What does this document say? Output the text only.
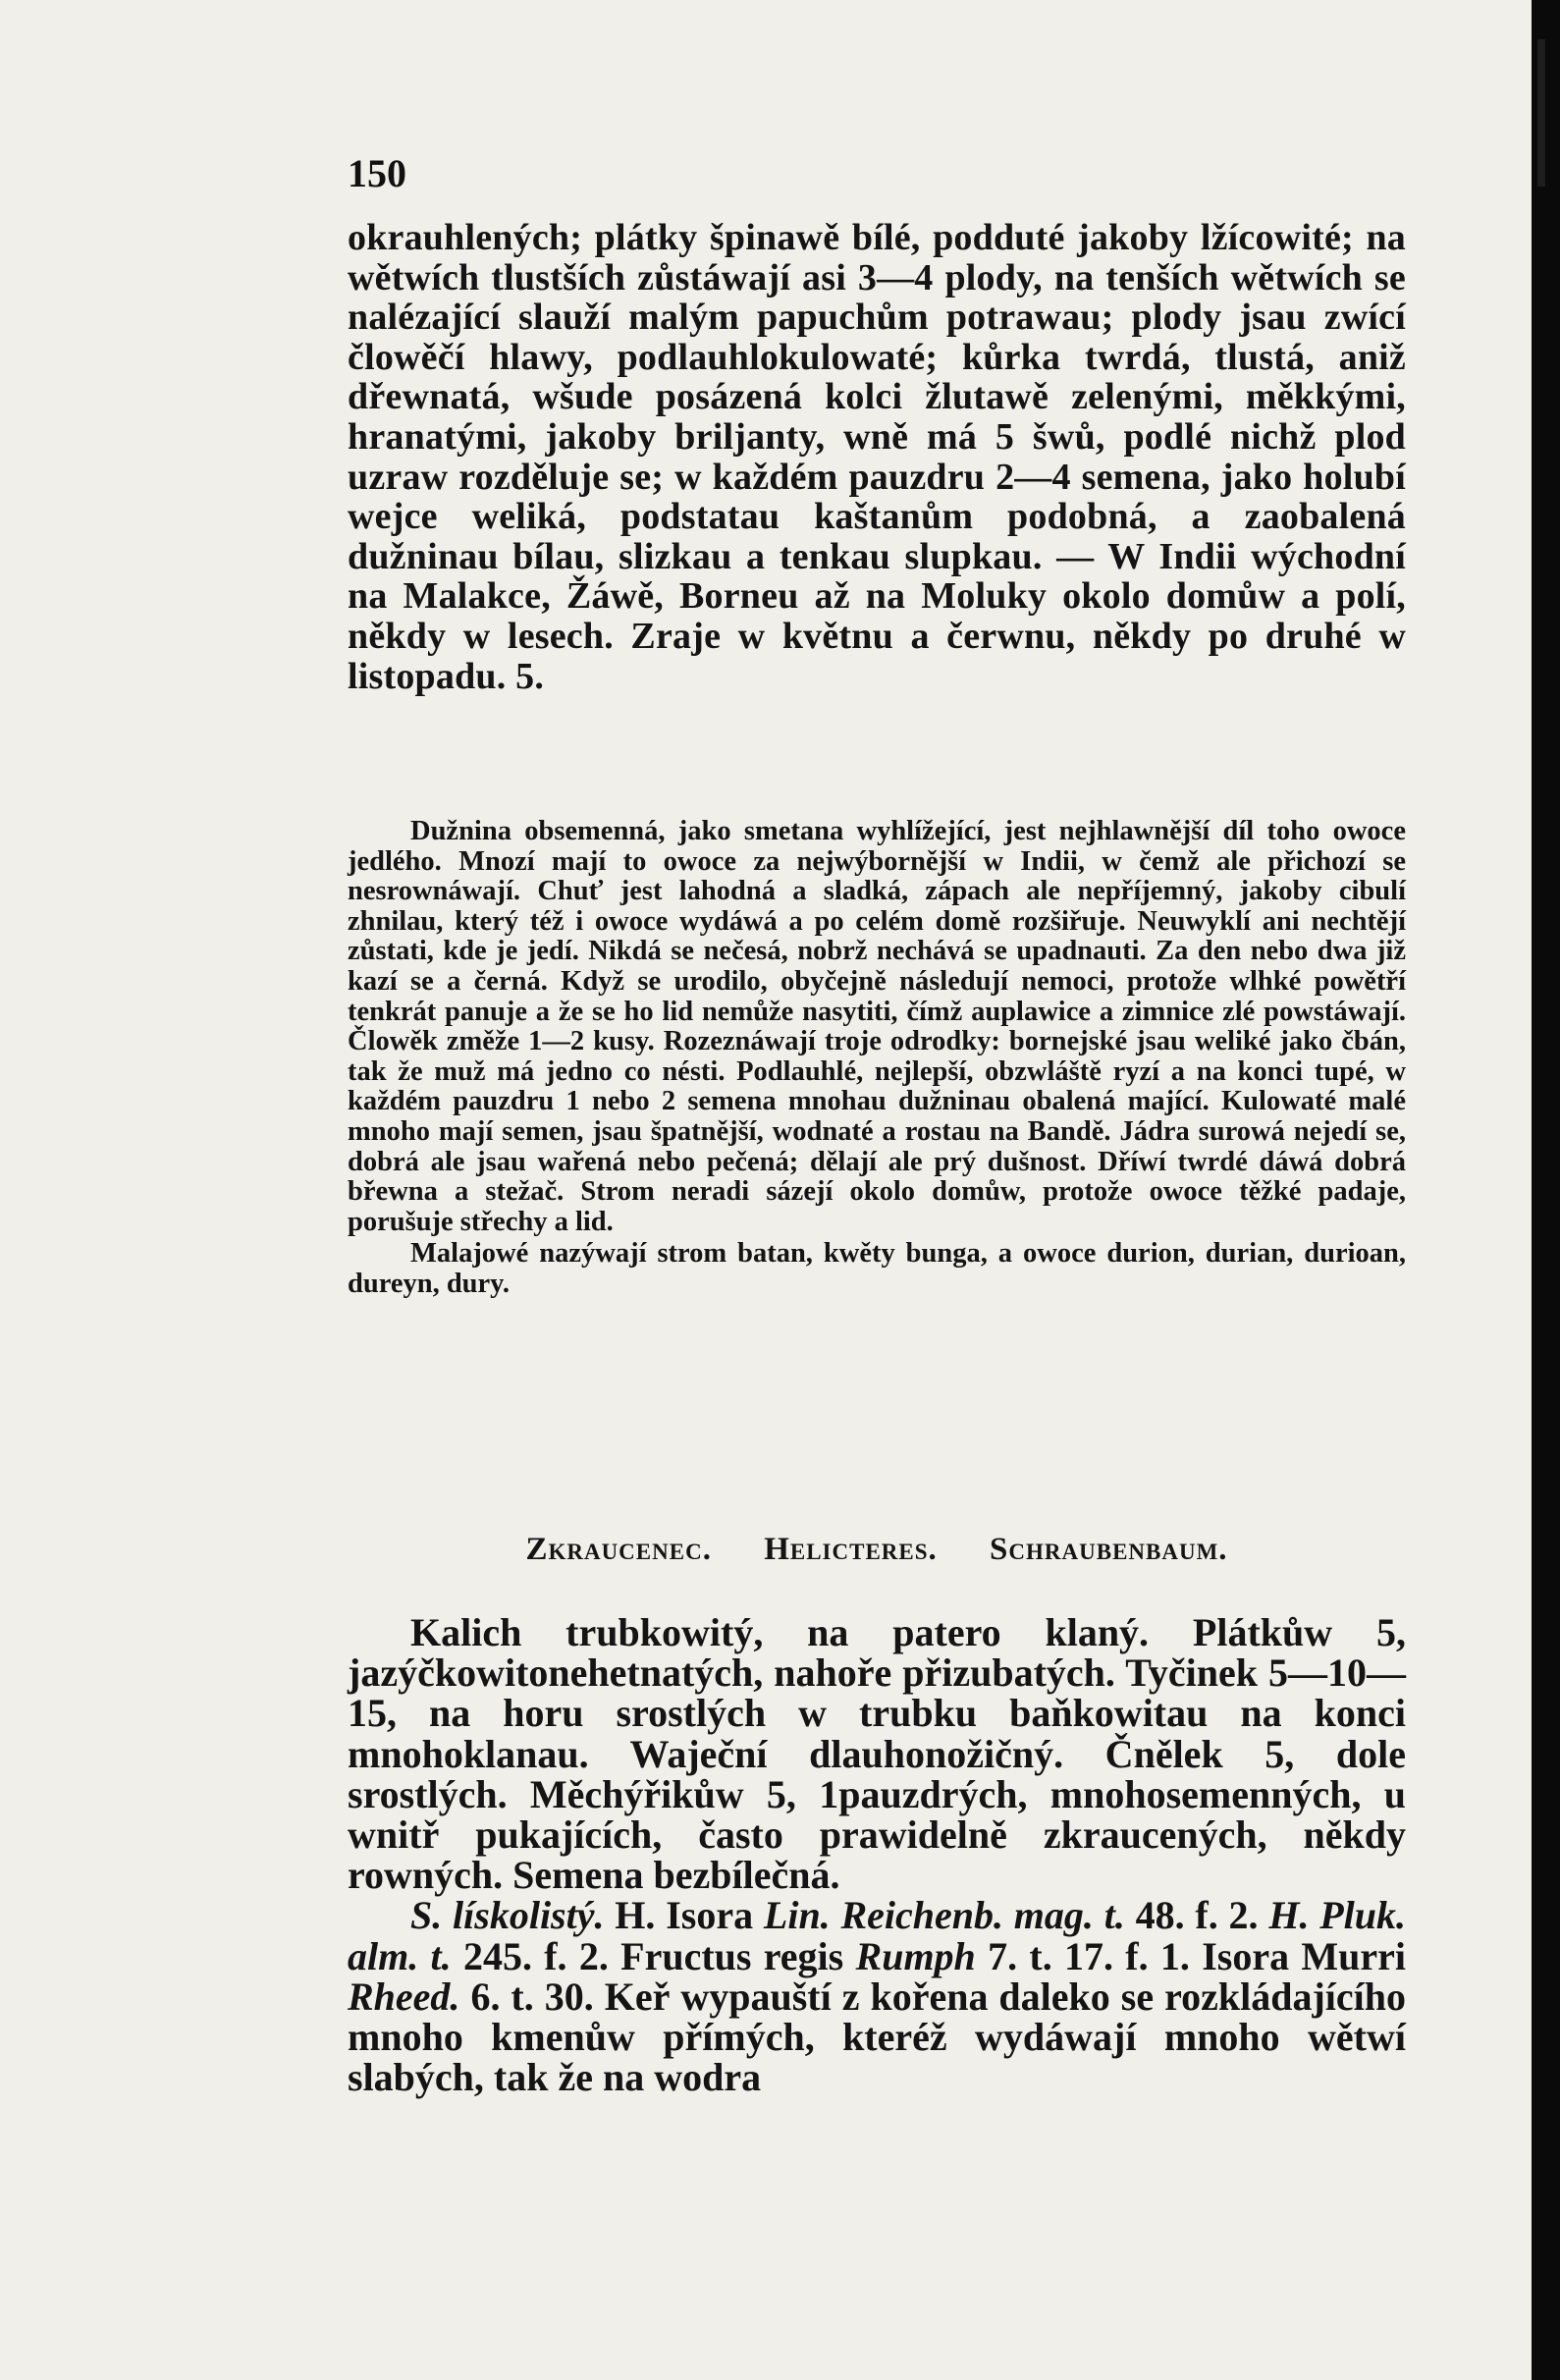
150

okrauhlených; plátky špinawě bílé, podduté jakoby lžícowité; na wětwích tlustších zůstáwají asi 3—4 plody, na tenších wětwích se nalézající slauží malým papuchům potrawau; plody jsau zwící člowěčí hlawy, podlauhlokulowaté; kůrka twrdá, tlustá, aniž dřewnatá, wšude posázená kolci žlutawě zelenými, měkkými, hranatými, jakoby briljanty, wně má 5 šwů, podlé nichž plod uzraw rozděluje se; w každém pauzdru 2—4 semena, jako holubí wejce weliká, podstatau kaštanům podobná, a zaobalená dužninau bílau, slizkau a tenkau slupkau. — W Indii wýchodní na Malakce, Žáwě, Borneu až na Moluky okolo domůw a polí, někdy w lesech. Zraje w květnu a čerwnu, někdy po druhé w listopadu. 5.

Dužnina obsemenná, jako smetana wyhlížející, jest nejhlawnější díl toho owoce jedlého. Mnozí mají to owoce za nejwýbornější w Indii, w čemž ale přichozí se nesrownáwají. Chuť jest lahodná a sladká, zápach ale nepříjemný, jakoby cibulí zhnilau, který též i owoce wydáwá a po celém domě rozšiřuje. Neuwyklí ani nechtějí zůstati, kde je jedí. Nikdá se nečesá, nobrž nechává se upadnauti. Za den nebo dwa již kazí se a černá. Když se urodilo, obyčejně následují nemoci, protože wlhké powětří tenkrát panuje a že se ho lid nemůže nasytiti, čímž auplawice a zimnice zlé powstáwají. Člowěk změže 1—2 kusy. Rozeznáwají troje odrodky: bornejské jsau weliké jako čbán, tak že muž má jedno co nésti. Podlauhlé, nejlepší, obzwláště ryzí a na konci tupé, w každém pauzdru 1 nebo 2 semena mnohau dužninau obalená mající. Kulowaté malé mnoho mají semen, jsau špatnější, wodnaté a rostau na Bandě. Jádra surowá nejedí se, dobrá ale jsau wařená nebo pečená; dělají ale prý dušnost. Dříwí twrdé dáwá dobrá břewna a stežač. Strom neradi sázejí okolo domůw, protože owoce těžké padaje, porušuje střechy a lid.

Malajowé nazýwají strom batan, kwěty bunga, a owoce durion, durian, durioan, dureyn, dury.

Zkraucenec. Helicteres. Schraubenbaum.

Kalich trubkowitý, na patero klaný. Plátkůw 5, jazýčkowitonehetnatých, nahoře přizubatých. Tyčinek 5—10—15, na horu srostlých w trubku baňkowitau na konci mnohoklanau. Waječní dlauhonožičný. Čnělek 5, dole srostlých. Měchýřikůw 5, 1pauzdrých, mnohosemenných, u wnitř pukajících, často prawidelně zkraucených, někdy rowných. Semena bezbílečná.

S. lískolistý. H. Isora Lin. Reichenb. mag. t. 48. f. 2. H. Pluk. alm. t. 245. f. 2. Fructus regis Rumph 7. t. 17. f. 1. Isora Murri Rheed. 6. t. 30. Keř wypauští z kořena daleko se rozkládajícího mnoho kmenůw přímých, kteréž wydáwají mnoho wětwí slabých, tak že na wodra
